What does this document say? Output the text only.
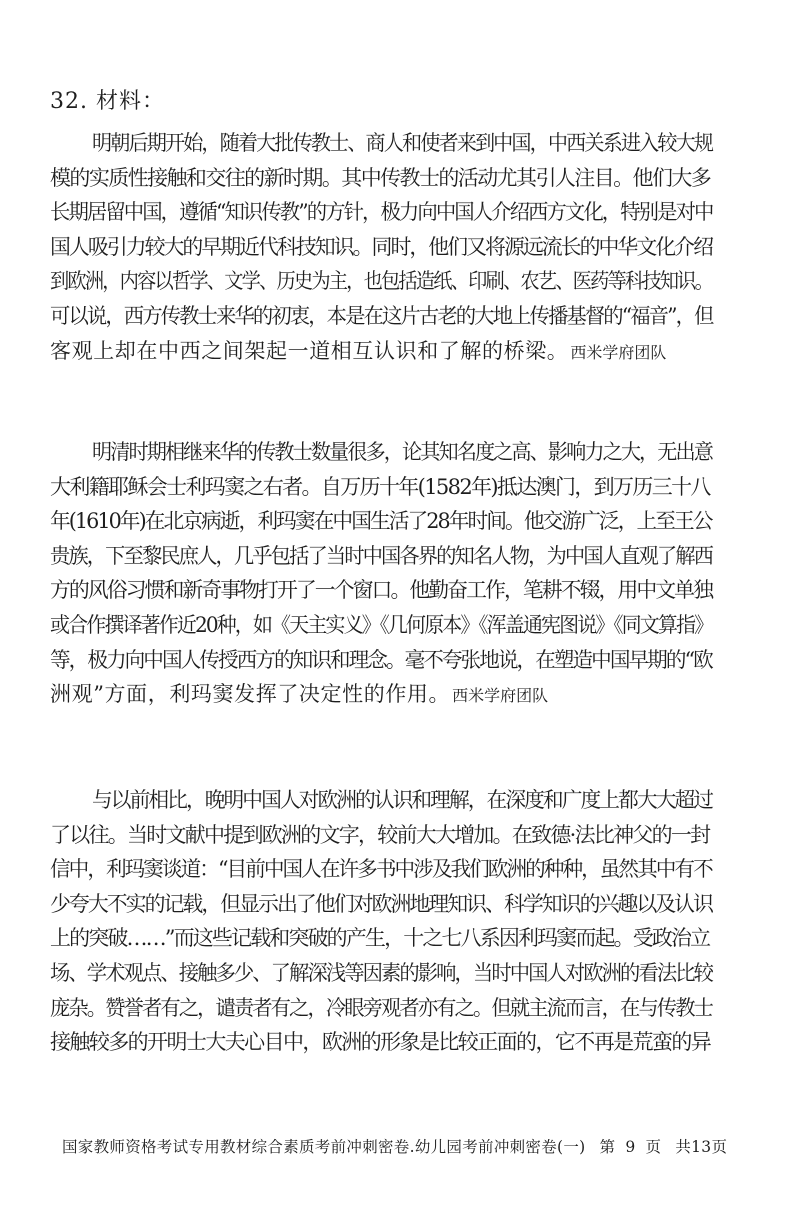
32. 材料：
明朝后期开始，随着大批传教士、商人和使者来到中国，中西关系进入较大规
模的实质性接触和交往的新时期。其中传教士的活动尤其引人注目。他们大多
长期居留中国，遵循“知识传教”的方针，极力向中国人介绍西方文化，特别是对中
国人吸引力较大的早期近代科技知识。同时，他们又将源远流长的中华文化介绍
到欧洲，内容以哲学、文学、历史为主，也包括造纸、印刷、农艺、医药等科技知识。
可以说，西方传教士来华的初衷，本是在这片古老的大地上传播基督的“福音”，但
客观上却在中西之间架起一道相互认识和了解的桥梁。 西米学府团队
明清时期相继来华的传教士数量很多，论其知名度之高、影响力之大，无出意
大利籍耶稣会士利玛窦之右者。自万历十年(1582年)抵达澳门，到万历三十八
年(1610年)在北京病逝，利玛窦在中国生活了28年时间。他交游广泛，上至王公
贵族，下至黎民庶人，几乎包括了当时中国各界的知名人物，为中国人直观了解西
方的风俗习惯和新奇事物打开了一个窗口。他勤奋工作，笔耕不辍，用中文单独
或合作撰译著作近20种，如《天主实义》《几何原本》《浑盖通宪图说》《同文算指》
等，极力向中国人传授西方的知识和理念。毫不夸张地说，在塑造中国早期的“欧
洲观”方面，利玛窦发挥了决定性的作用。 西米学府团队
与以前相比，晚明中国人对欧洲的认识和理解，在深度和广度上都大大超过
了以往。当时文献中提到欧洲的文字，较前大大增加。在致德·法比神父的一封
信中，利玛窦谈道：“目前中国人在许多书中涉及我们欧洲的种种，虽然其中有不
少夸大不实的记载，但显示出了他们对欧洲地理知识、科学知识的兴趣以及认识
上的突破……”而这些记载和突破的产生，十之七八系因利玛窦而起。受政治立
场、学术观点、接触多少、了解深浅等因素的影响，当时中国人对欧洲的看法比较
庞杂。赞誉者有之，谴责者有之，冷眼旁观者亦有之。但就主流而言，在与传教士
接触较多的开明士大夫心目中，欧洲的形象是比较正面的，它不再是荒蛮的异
国家教师资格考试专用教材综合素质考前冲刺密卷.幼儿园考前冲刺密卷(一) 第 9 页 共13页
